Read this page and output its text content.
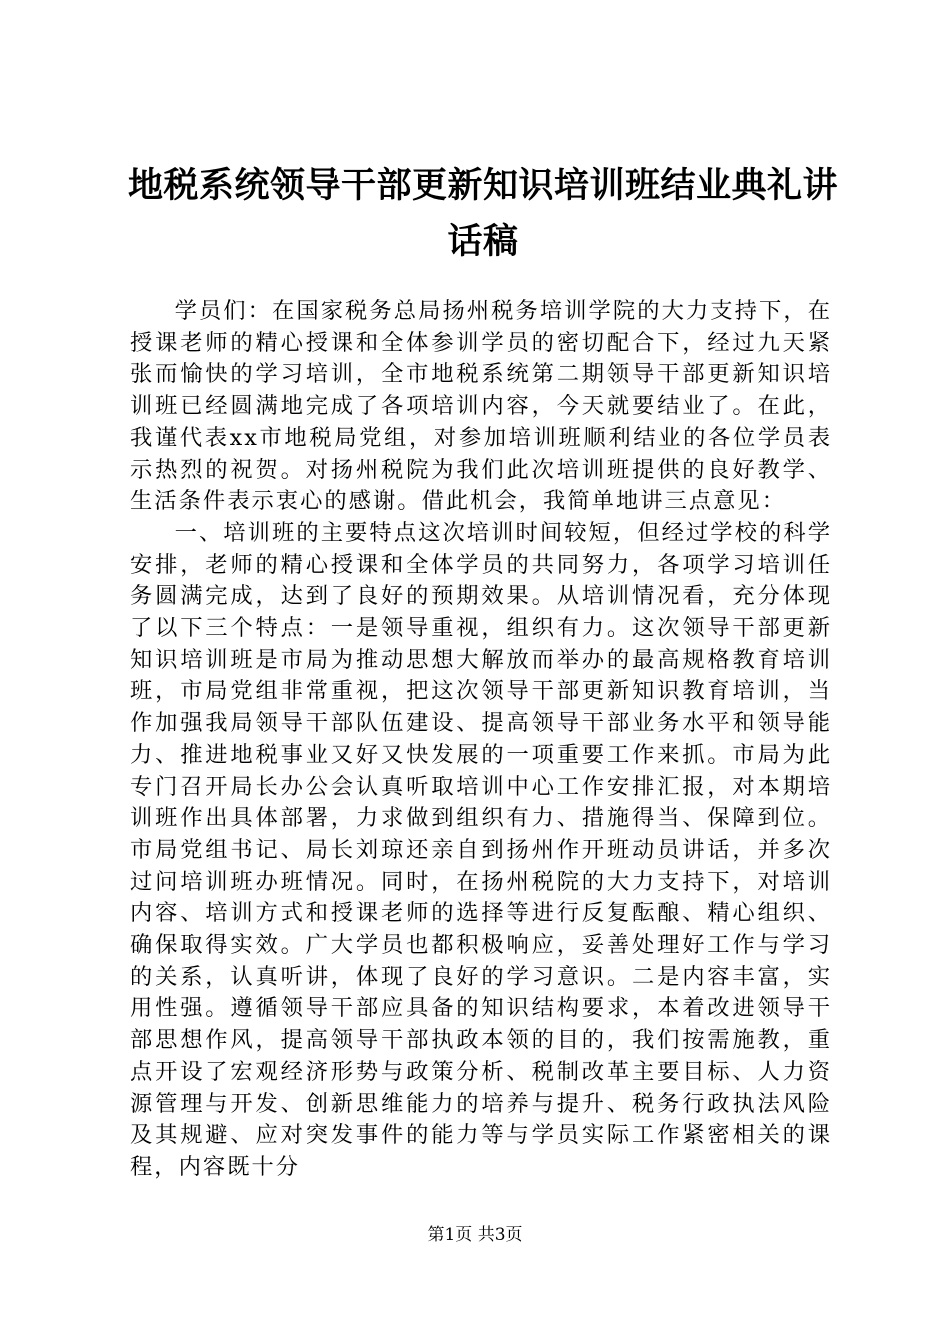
地税系统领导干部更新知识培训班结业典礼讲话稿

学员们：在国家税务总局扬州税务培训学院的大力支持下，在授课老师的精心授课和全体参训学员的密切配合下，经过九天紧张而愉快的学习培训，全市地税系统第二期领导干部更新知识培训班已经圆满地完成了各项培训内容，今天就要结业了。在此，我谨代表xx市地税局党组，对参加培训班顺利结业的各位学员表示热烈的祝贺。对扬州税院为我们此次培训班提供的良好教学、生活条件表示衷心的感谢。借此机会，我简单地讲三点意见：

一、培训班的主要特点这次培训时间较短，但经过学校的科学安排，老师的精心授课和全体学员的共同努力，各项学习培训任务圆满完成，达到了良好的预期效果。从培训情况看，充分体现了以下三个特点：一是领导重视，组织有力。这次领导干部更新知识培训班是市局为推动思想大解放而举办的最高规格教育培训班，市局党组非常重视，把这次领导干部更新知识教育培训，当作加强我局领导干部队伍建设、提高领导干部业务水平和领导能力、推进地税事业又好又快发展的一项重要工作来抓。市局为此专门召开局长办公会认真听取培训中心工作安排汇报，对本期培训班作出具体部署，力求做到组织有力、措施得当、保障到位。市局党组书记、局长刘琼还亲自到扬州作开班动员讲话，并多次过问培训班办班情况。同时，在扬州税院的大力支持下，对培训内容、培训方式和授课老师的选择等进行反复酝酿、精心组织、确保取得实效。广大学员也都积极响应，妥善处理好工作与学习的关系，认真听讲，体现了良好的学习意识。二是内容丰富，实用性强。遵循领导干部应具备的知识结构要求，本着改进领导干部思想作风，提高领导干部执政本领的目的，我们按需施教，重点开设了宏观经济形势与政策分析、税制改革主要目标、人力资源管理与开发、创新思维能力的培养与提升、税务行政执法风险及其规避、应对突发事件的能力等与学员实际工作紧密相关的课程，内容既十分

第1页 共3页
